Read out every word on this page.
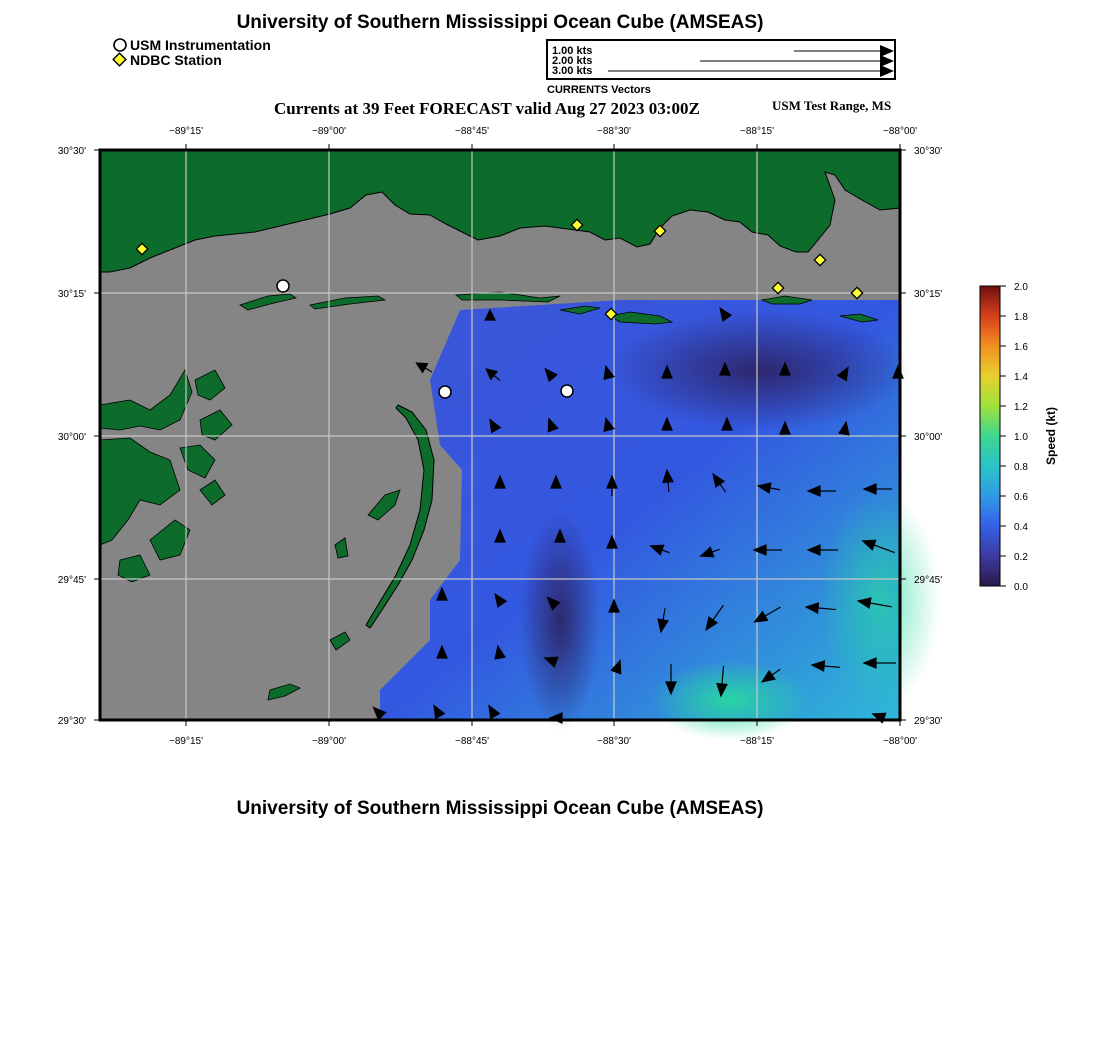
University of Southern Mississippi Ocean Cube (AMSEAS)
USM Instrumentation
NDBC Station
1.00 kts
2.00 kts
3.00 kts
CURRENTS Vectors
Currents at 39 Feet FORECAST valid Aug 27 2023 03:00Z	USM Test Range, MS
−89°15'	−89°00'	−88°45'	−88°30'	−88°15'	−88°00'
−89°15'	−89°00'	−88°45'	−88°30'	−88°15'	−88°00'
30°30'
30°15'
30°00'
29°45'
29°30'
30°30'
30°15'
30°00'
29°45'
29°30'
2.0
1.8
1.6
1.4
1.2
1.0
0.8
0.6
0.4
0.2
0.0
Speed (kt)
University of Southern Mississippi Ocean Cube (AMSEAS)
